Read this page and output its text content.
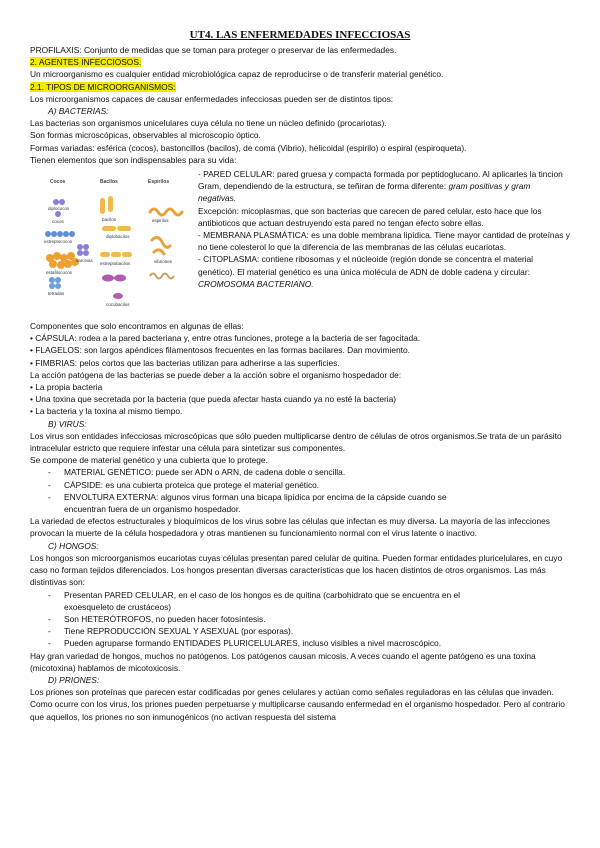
UT4. LAS ENFERMEDADES INFECCIOSAS

PROFILAXIS: Conjunto de medidas que se toman para proteger o preservar de las enfermedades.

2. AGENTES INFECCIOSOS.

Un microorganismo es cualquier entidad microbiológica capaz de reproducirse o de transferir material genético.

2.1. TIPOS DE MICROORGANISMOS:

Los microorganismos capaces de causar enfermedades infecciosas pueden ser de distintos tipos:

A) BACTERIAS:

Las bacterias son organismos unicelulares cuya célula no tiene un núcleo definido (procariotas).

Son formas microscópicas, observables al microscopio óptico.

Formas variadas: esférica (cocos), bastoncillos (bacilos), de coma (Vibrio), helicoidal (espirilo) o espiral (espiroqueta).

Tienen elementos que son indispensables para su vida:

Cocos	Bacilos	Espirilos
diplococos
cocos
estreptococos
estafilococos
sarcinas
tetradas
bacilos
diplobacilos
estreptobacilos
cocobacilos
espirilos
vibriones

- PARED CELULAR: pared gruesa y compacta formada por peptidoglucano. Al aplicarles la tincion Gram, dependiendo de la estructura, se teñiran de forma diferente: gram positivas y gram negativas.

Excepción: micoplasmas, que son bacterias que carecen de pared celular, esto hace que los antibioticos que actuan destruyendo esta pared no tengan efecto sobre ellas.

- MEMBRANA PLASMÁTICA: es una doble membrana lipídica. Tiene mayor cantidad de proteínas y no tiene colesterol lo que la diferencia de las membranas de las células eucariotas.

- CITOPLASMA: contiene ribosomas y el núcleoide (región donde se concentra el material genético). El material genético es una única molécula de ADN de doble cadena y circular: CROMOSOMA BACTERIANO.

Componentes que solo encontramos en algunas de ellas:

• CÁPSULA: rodea a la pared bacteriana y, entre otras funciones, protege a la bacteria de ser fagocitada.
• FLAGELOS: son largos apéndices filamentosos frecuentes en las formas bacilares. Dan movimiento.
• FIMBRIAS: pelos cortos que las bacterias utilizan para adherirse a las superficies.

La acción patógena de las bacterias se puede deber a la acción sobre el organismo hospedador de:

• La propia bacteria
• Una toxina que secretada por la bacteria (que pueda afectar hasta cuando ya no esté la bacteria)
• La bacteria y la toxina al mismo tiempo.

B) VIRUS:

Los virus son entidades infecciosas microscópicas que sólo pueden multiplicarse dentro de células de otros organismos.Se trata de un parásito intracelular estricto que requiere infestar una célula para sintetizar sus componentes.

Se compone de material genético y una cubierta que lo protege.

- MATERIAL GENÉTICO: puede ser ADN o ARN, de cadena doble o sencilla.
- CÁPSIDE: es una cubierta proteica que protege el material genético.
- ENVOLTURA EXTERNA: algunos virus forman una bicapa lipídica por encima de la cápside cuando se
encuentran fuera de un organismo hospedador.

La variedad de efectos estructurales y bioquímicos de los virus sobre las células que infectan es muy diversa. La mayoría de las infecciones provocan la muerte de la célula hospedadora y otras mantienen su funcionamiento normal con el virus latente o inactivo.

C) HONGOS:

Los hongos son microorganismos eucariotas cuyas células presentan pared celular de quitina. Pueden formar entidades pluricelulares, en cuyo caso no forman tejidos diferenciados. Los hongos presentan diversas características que los hacen distintos de otros organismos. Las más distintivas son:

- Presentan PARED CELULAR, en el caso de los hongos es de quitina (carbohidrato que se encuentra en el
exoesqueleto de crustáceos)
- Son HETERÓTROFOS, no pueden hacer fotosíntesis.
- Tiene REPRODUCCIÓN SEXUAL Y ASEXUAL (por esporas).
- Pueden agruparse formando ENTIDADES PLURICELULARES, incluso visibles a nivel macroscópico.

Hay gran variedad de hongos, muchos no patógenos. Los patógenos causan micosis. A veces cuando el agente patógeno es una toxina (micotoxina) hablamos de micotoxicosis.

D) PRIONES:

Los priones son proteínas que parecen estar codificadas por genes celulares y actúan como señales reguladoras en las células que invaden.

Como ocurre con los virus, los priones pueden perpetuarse y multiplicarse causando enfermedad en el organismo hospedador. Pero al contrario que aquellos, los priones no son inmunogénicos (no activan respuesta del sistema
